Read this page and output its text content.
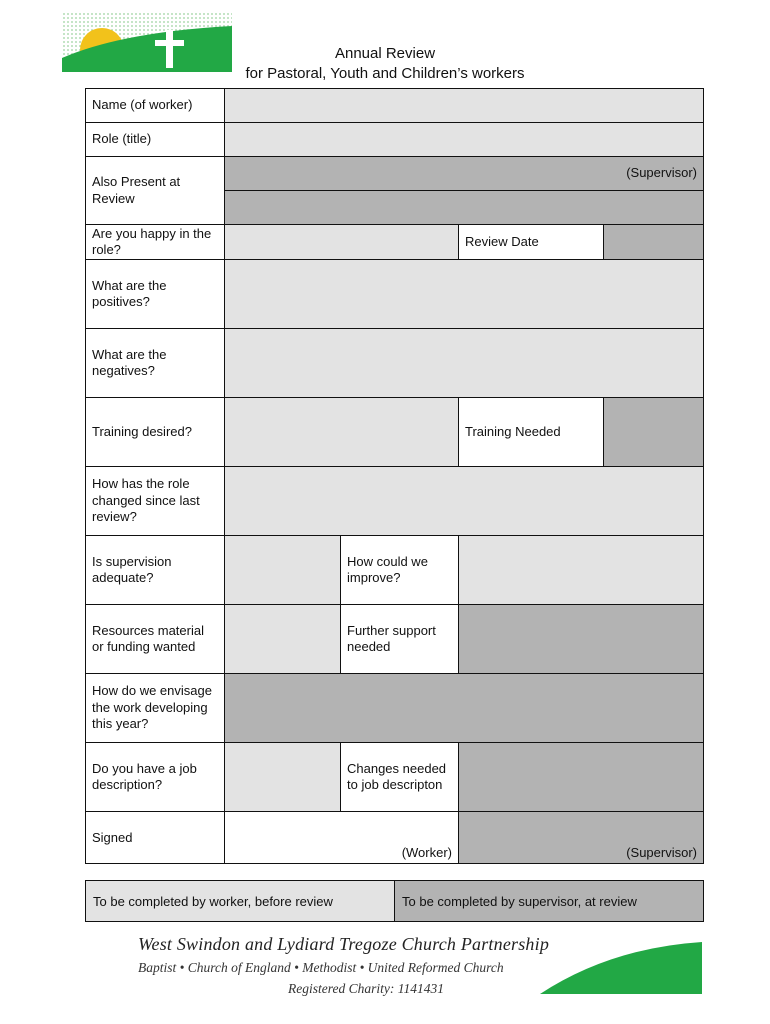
Annual Review
for Pastoral, Youth and Children’s workers
Name (of worker)				
Role (title)				
Also Present at Review	(Supervisor)			

Are you happy in the role?			Review Date	
What are the positives?				
What are the negatives?				
Training desired?			Training Needed	
How has the role changed since last review?				
Is supervision adequate?		How could we improve?		
Resources material or funding wanted		Further support needed		
How do we envisage the work developing this year?				
Do you have a job description?		Changes needed to job descripton		
Signed	(Worker)		(Supervisor)	
To be completed by worker, before review	To be completed by supervisor, at review
West Swindon and Lydiard Tregoze Church Partnership
Baptist • Church of England • Methodist • United Reformed Church
Registered Charity: 1141431
